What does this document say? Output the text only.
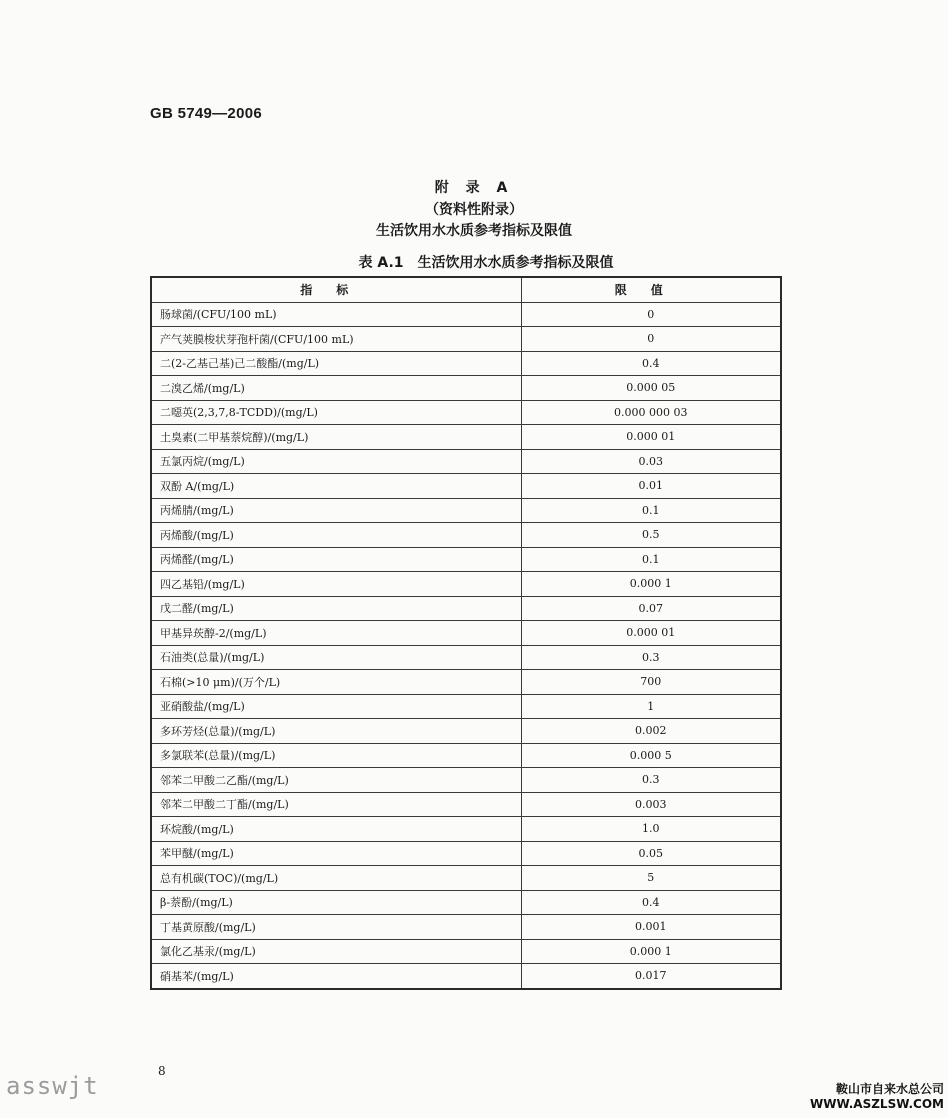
GB 5749—2006
附 录 A
（资料性附录）
生活饮用水水质参考指标及限值
表 A.1 生活饮用水水质参考指标及限值
指标	限值
肠球菌/(CFU/100 mL)	0
产气荚膜梭状芽孢杆菌/(CFU/100 mL)	0
二(2-乙基己基)己二酸酯/(mg/L)	0.4
二溴乙烯/(mg/L)	0.000 05
二噁英(2,3,7,8-TCDD)/(mg/L)	0.000 000 03
土臭素(二甲基萘烷醇)/(mg/L)	0.000 01
五氯丙烷/(mg/L)	0.03
双酚 A/(mg/L)	0.01
丙烯腈/(mg/L)	0.1
丙烯酸/(mg/L)	0.5
丙烯醛/(mg/L)	0.1
四乙基铅/(mg/L)	0.000 1
戊二醛/(mg/L)	0.07
甲基异莰醇-2/(mg/L)	0.000 01
石油类(总量)/(mg/L)	0.3
石棉(>10 μm)/(万个/L)	700
亚硝酸盐/(mg/L)	1
多环芳烃(总量)/(mg/L)	0.002
多氯联苯(总量)/(mg/L)	0.000 5
邻苯二甲酸二乙酯/(mg/L)	0.3
邻苯二甲酸二丁酯/(mg/L)	0.003
环烷酸/(mg/L)	1.0
苯甲醚/(mg/L)	0.05
总有机碳(TOC)/(mg/L)	5
β-萘酚/(mg/L)	0.4
丁基黄原酸/(mg/L)	0.001
氯化乙基汞/(mg/L)	0.000 1
硝基苯/(mg/L)	0.017
8
asswjt	鞍山市自来水总公司
WWW.ASZLSW.COM
